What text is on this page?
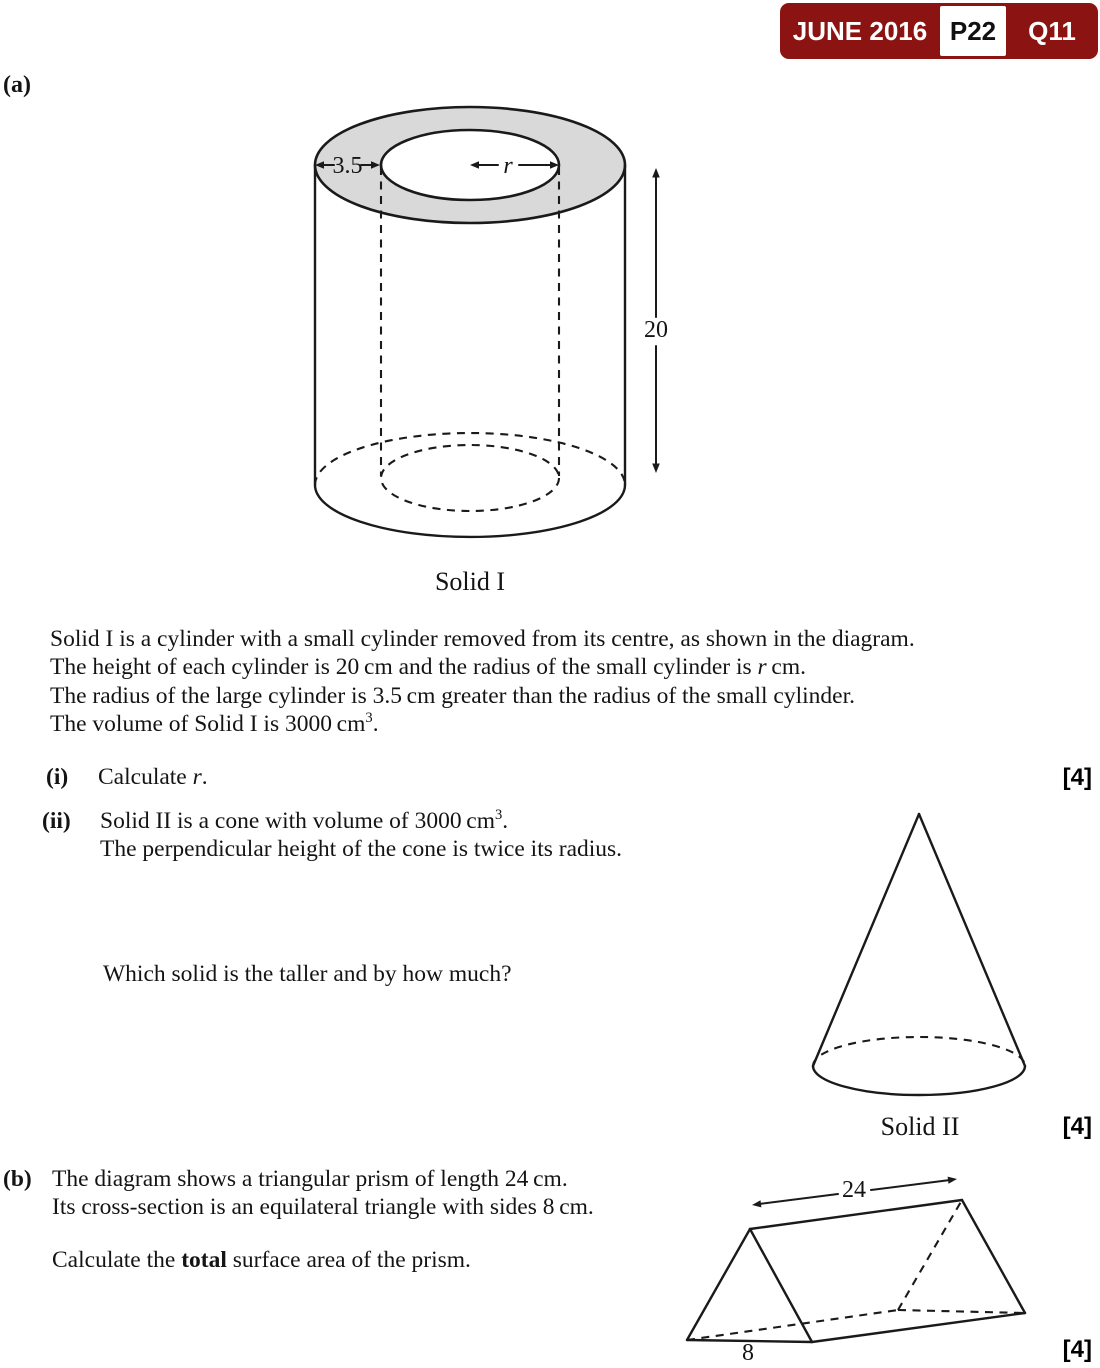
JUNE 2016 P22	Q11
(a)
3.5	r
20
Solid I
Solid I is a cylinder with a small cylinder removed from its centre, as shown in the diagram.
The height of each cylinder is 20 cm and the radius of the small cylinder is r cm.
The radius of the large cylinder is 3.5 cm greater than the radius of the small cylinder.
The volume of Solid I is 3000 $cm^3$.
(i) Calculate r.	[4]
(ii) Solid II is a cone with volume of 3000 $cm^3$.
The perpendicular height of the cone is twice its radius.
Which solid is the taller and by how much?
Solid II	[4]
(b) The diagram shows a triangular prism of length 24 cm.
Its cross-section is an equilateral triangle with sides 8 cm.
Calculate the total surface area of the prism.
24
8	[4]
